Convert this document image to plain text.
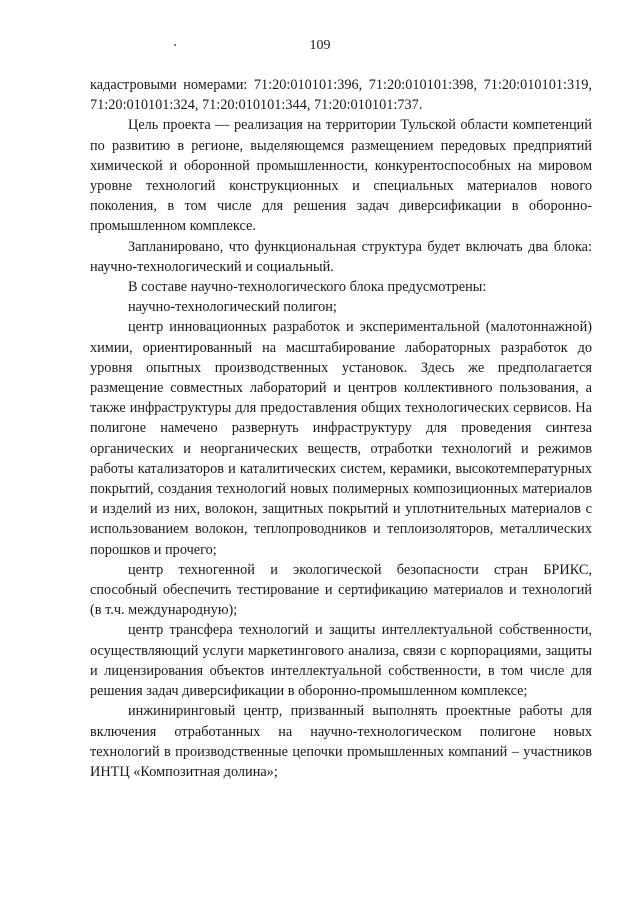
109

кадастровыми номерами: 71:20:010101:396, 71:20:010101:398, 71:20:010101:319, 71:20:010101:324, 71:20:010101:344, 71:20:010101:737.

Цель проекта — реализация на территории Тульской области компетенций по развитию в регионе, выделяющемся размещением передовых предприятий химической и оборонной промышленности, конкурентоспособных на мировом уровне технологий конструкционных и специальных материалов нового поколения, в том числе для решения задач диверсификации в оборонно-промышленном комплексе.

Запланировано, что функциональная структура будет включать два блока: научно-технологический и социальный.

В составе научно-технологического блока предусмотрены:

научно-технологический полигон;

центр инновационных разработок и экспериментальной (малотоннажной) химии, ориентированный на масштабирование лабораторных разработок до уровня опытных производственных установок. Здесь же предполагается размещение совместных лабораторий и центров коллективного пользования, а также инфраструктуры для предоставления общих технологических сервисов. На полигоне намечено развернуть инфраструктуру для проведения синтеза органических и неорганических веществ, отработки технологий и режимов работы катализаторов и каталитических систем, керамики, высокотемпературных покрытий, создания технологий новых полимерных композиционных материалов и изделий из них, волокон, защитных покрытий и уплотнительных материалов с использованием волокон, теплопроводников и теплоизоляторов, металлических порошков и прочего;

центр техногенной и экологической безопасности стран БРИКС, способный обеспечить тестирование и сертификацию материалов и технологий (в т.ч. международную);

центр трансфера технологий и защиты интеллектуальной собственности, осуществляющий услуги маркетингового анализа, связи с корпорациями, защиты и лицензирования объектов интеллектуальной собственности, в том числе для решения задач диверсификации в оборонно-промышленном комплексе;

инжиниринговый центр, призванный выполнять проектные работы для включения отработанных на научно-технологическом полигоне новых технологий в производственные цепочки промышленных компаний – участников ИНТЦ «Композитная долина»;
